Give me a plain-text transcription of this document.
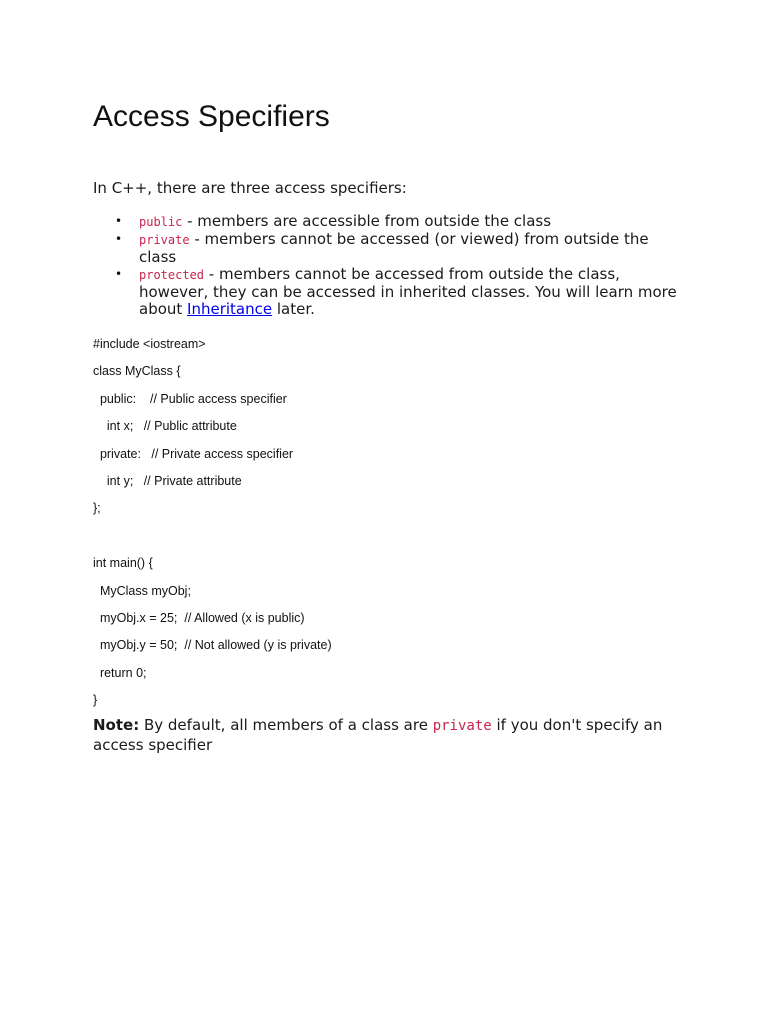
Access Specifiers

In C++, there are three access specifiers:

• public - members are accessible from outside the class
• private - members cannot be accessed (or viewed) from outside the class
• protected - members cannot be accessed from outside the class, however, they can be accessed in inherited classes. You will learn more about Inheritance later.
#include <iostream>
class MyClass {
public:    // Public access specifier
int x;   // Public attribute
private:   // Private access specifier
int y;   // Private attribute
};
int main() {
MyClass myObj;
myObj.x = 25;  // Allowed (x is public)
myObj.y = 50;  // Not allowed (y is private)
return 0;
}

Note: By default, all members of a class are private if you don't specify an access specifier
